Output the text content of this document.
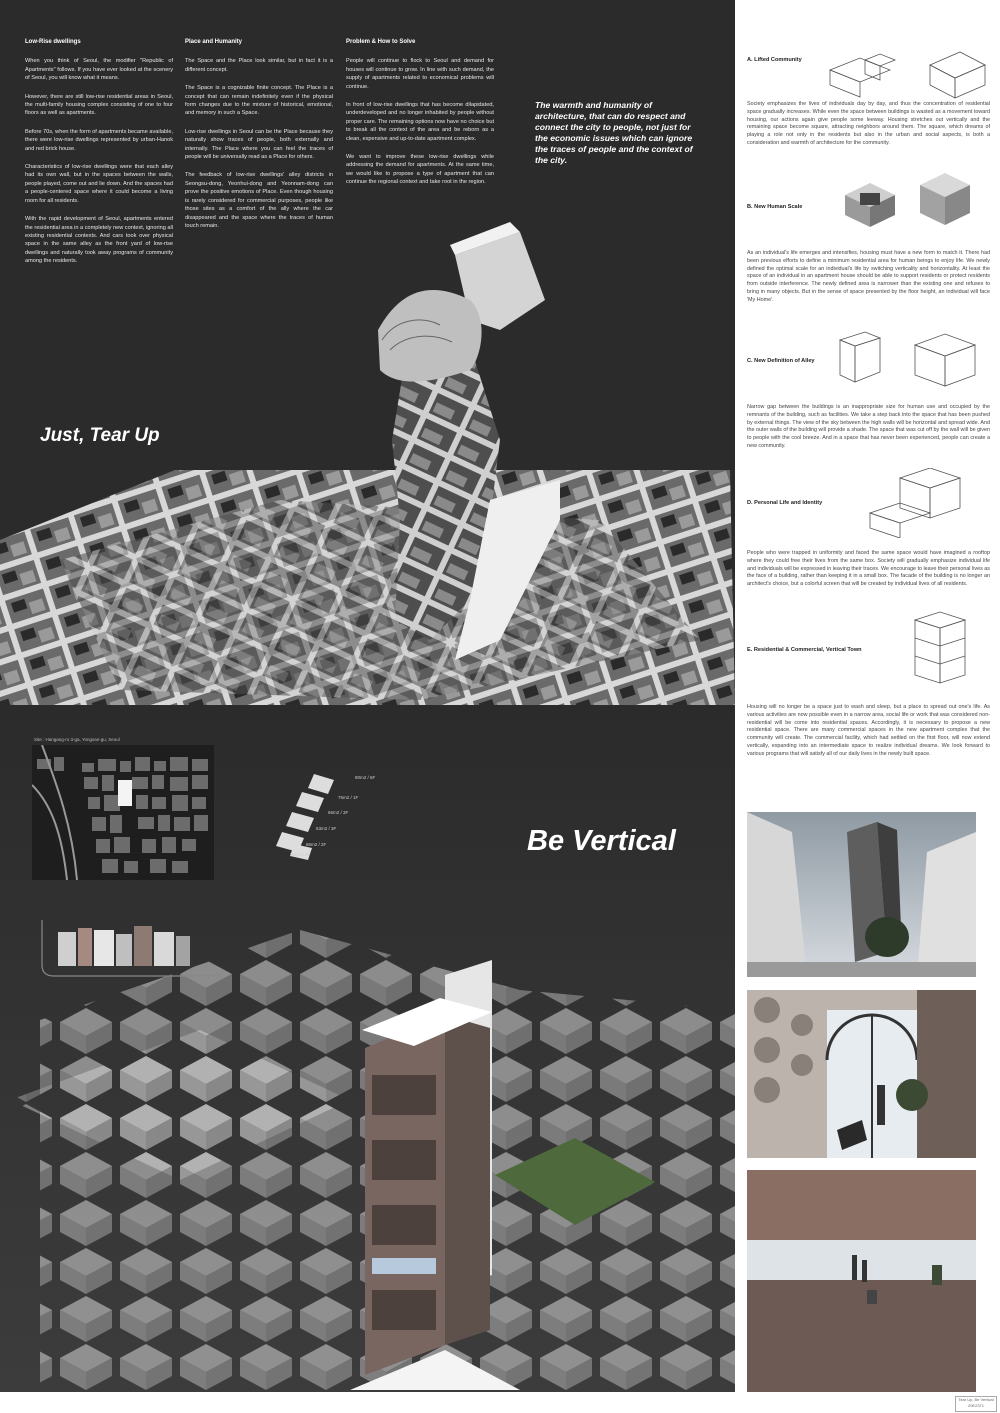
Low-Rise dwellings

When you think of Seoul, the modifier "Republic of Apartments" follows. If you have ever looked at the scenery of Seoul, you will know what it means.

However, there are still low-rise residential areas in Seoul, the multi-family housing complex consisting of one to four floors as well as apartments.

Before 70s, when the form of apartments became available, there were low-rise dwellings represented by urban-Hanok and red brick house.

Characteristics of low-rise dwellings were that each alley had its own wall, but in the spaces between the walls, people played, come out and lie down. And the spaces had a people-centered space where it could become a living room for all residents.

With the rapid development of Seoul, apartments entered the residential area in a completely new context, ignoring all existing residential contexts. And cars took over physical space in the same alley as the front yard of low-rise dwellings and naturally took away programs of community among the residents.

Place and Humanity

The Space and the Place look similar, but in fact it is a different concept.

The Space is a cognizable finite concept. The Place is a concept that can remain indefinitely even if the physical form changes due to the mixture of historical, emotional, and memory in such a Space.

Low-rise dwellings in Seoul can be the Place because they naturally show traces of people, both externally and internally. The Place where you can feel the traces of people will be universally read as a Place for others.

The feedback of low-rise dwellings' alley districts in Seongsu-dong, Yeonhui-dong and Yeonnam-dong can prove the positive emotions of Place. Even though housing is rarely considered for commercial purposes, people like those sites as a comfort of the ally where the car disappeared and the space where the traces of human touch remain.

Problem & How to Solve

People will continue to flock to Seoul and demand for houses will continue to grow. In line with such demand, the supply of apartments related to economical problems will continue.

In front of low-rise dwellings that has become dilapidated, underdeveloped and no longer inhabited by people without proper care. The remaining options now have no choice but to break all the context of the area and be reborn as a clean, expensive and up-to-date apartment complex.

We want to improve these low-rise dwellings while addressing the demand for apartments. At the same time, we would like to propose a type of apartment that can continue the regional context and take root in the region.

The warmth and humanity of architecture, that can do respect and connect the city to people, not just for the economic issues which can ignore the traces of people and the context of the city.
Just, Tear Up
Be Vertical
Site : Hangang-ro 3-ga, Yongsan-gu, Seoul
80m2 / 6F
75m2 / 1F
66m2 / 3F
63m2 / 3F
86m2 / 2F
75m2 / 2F
A. Lifted Community

Society emphasizes the lives of individuals day by day, and thus the concentration of residential space gradually increases. While even the space between buildings is wasted as a movement toward housing, our actions again give people some leeway. Housing stretches out vertically and the remaining space become square, attracting neighbors around them. The square, which dreams of playing a role not only in the residents but also in the urban and social aspects, is both a consideration and warmth of architecture for the community.

B. New Human Scale

As an individual's life emerges and intensifies, housing must have a new form to match it. There had been previous efforts to define a minimum residential area for human beings to enjoy life. We newly defined the optimal scale for an individual's life by switching verticality and horizontality. At least the space of an individual in an apartment house should be able to support residents or protect residents from outside interference. The newly defined area is narrower than the existing one and refuses to bring in many objects. But in the sense of space presented by the floor height, an individual will face 'My Home'.

C. New Definition of Alley

Narrow gap between the buildings is an inappropriate size for human use and occupied by the remnants of the building, such as facilities. We take a step back into the space that has been pushed by external things. The view of the sky between the high walls will be horizontal and spread wide. And the outer walls of the building will provide a shade. The space that was cut off by the wall will be given to people with the cool breeze. And in a space that has never been experienced, people can create a new community.

D. Personal Life and Identity

People who were trapped in uniformity and faced the same space would have imagined a rooftop where they could free their lives from the same box. Society will gradually emphasize individual life and individuals will be expressed in leaving their traces. We encourage to leave their personal lives as the face of a building, rather than keeping it in a small box. The facade of the building is no longer an architect's choice, but a colorful screen that will be created by individual lives of all residents.

E. Residential & Commercial, Vertical Town

Housing will no longer be a space just to wash and sleep, but a place to spread out one's life. As various activities are now possible even in a narrow area, social life or work that was considered non-residential will be come into residential spaces. Accordingly, it is necessary to propose a new residential space. There are many commercial spaces in the new apartment complex that the community will create. The commercial facility, which had settled on the first floor, will now extend vertically, expanding into an intermediate space to realize individual dreams. We look forward to various programs that will satisfy all of our daily lives in the newly built space.

Tear Up, Be Vertical
20E2371
